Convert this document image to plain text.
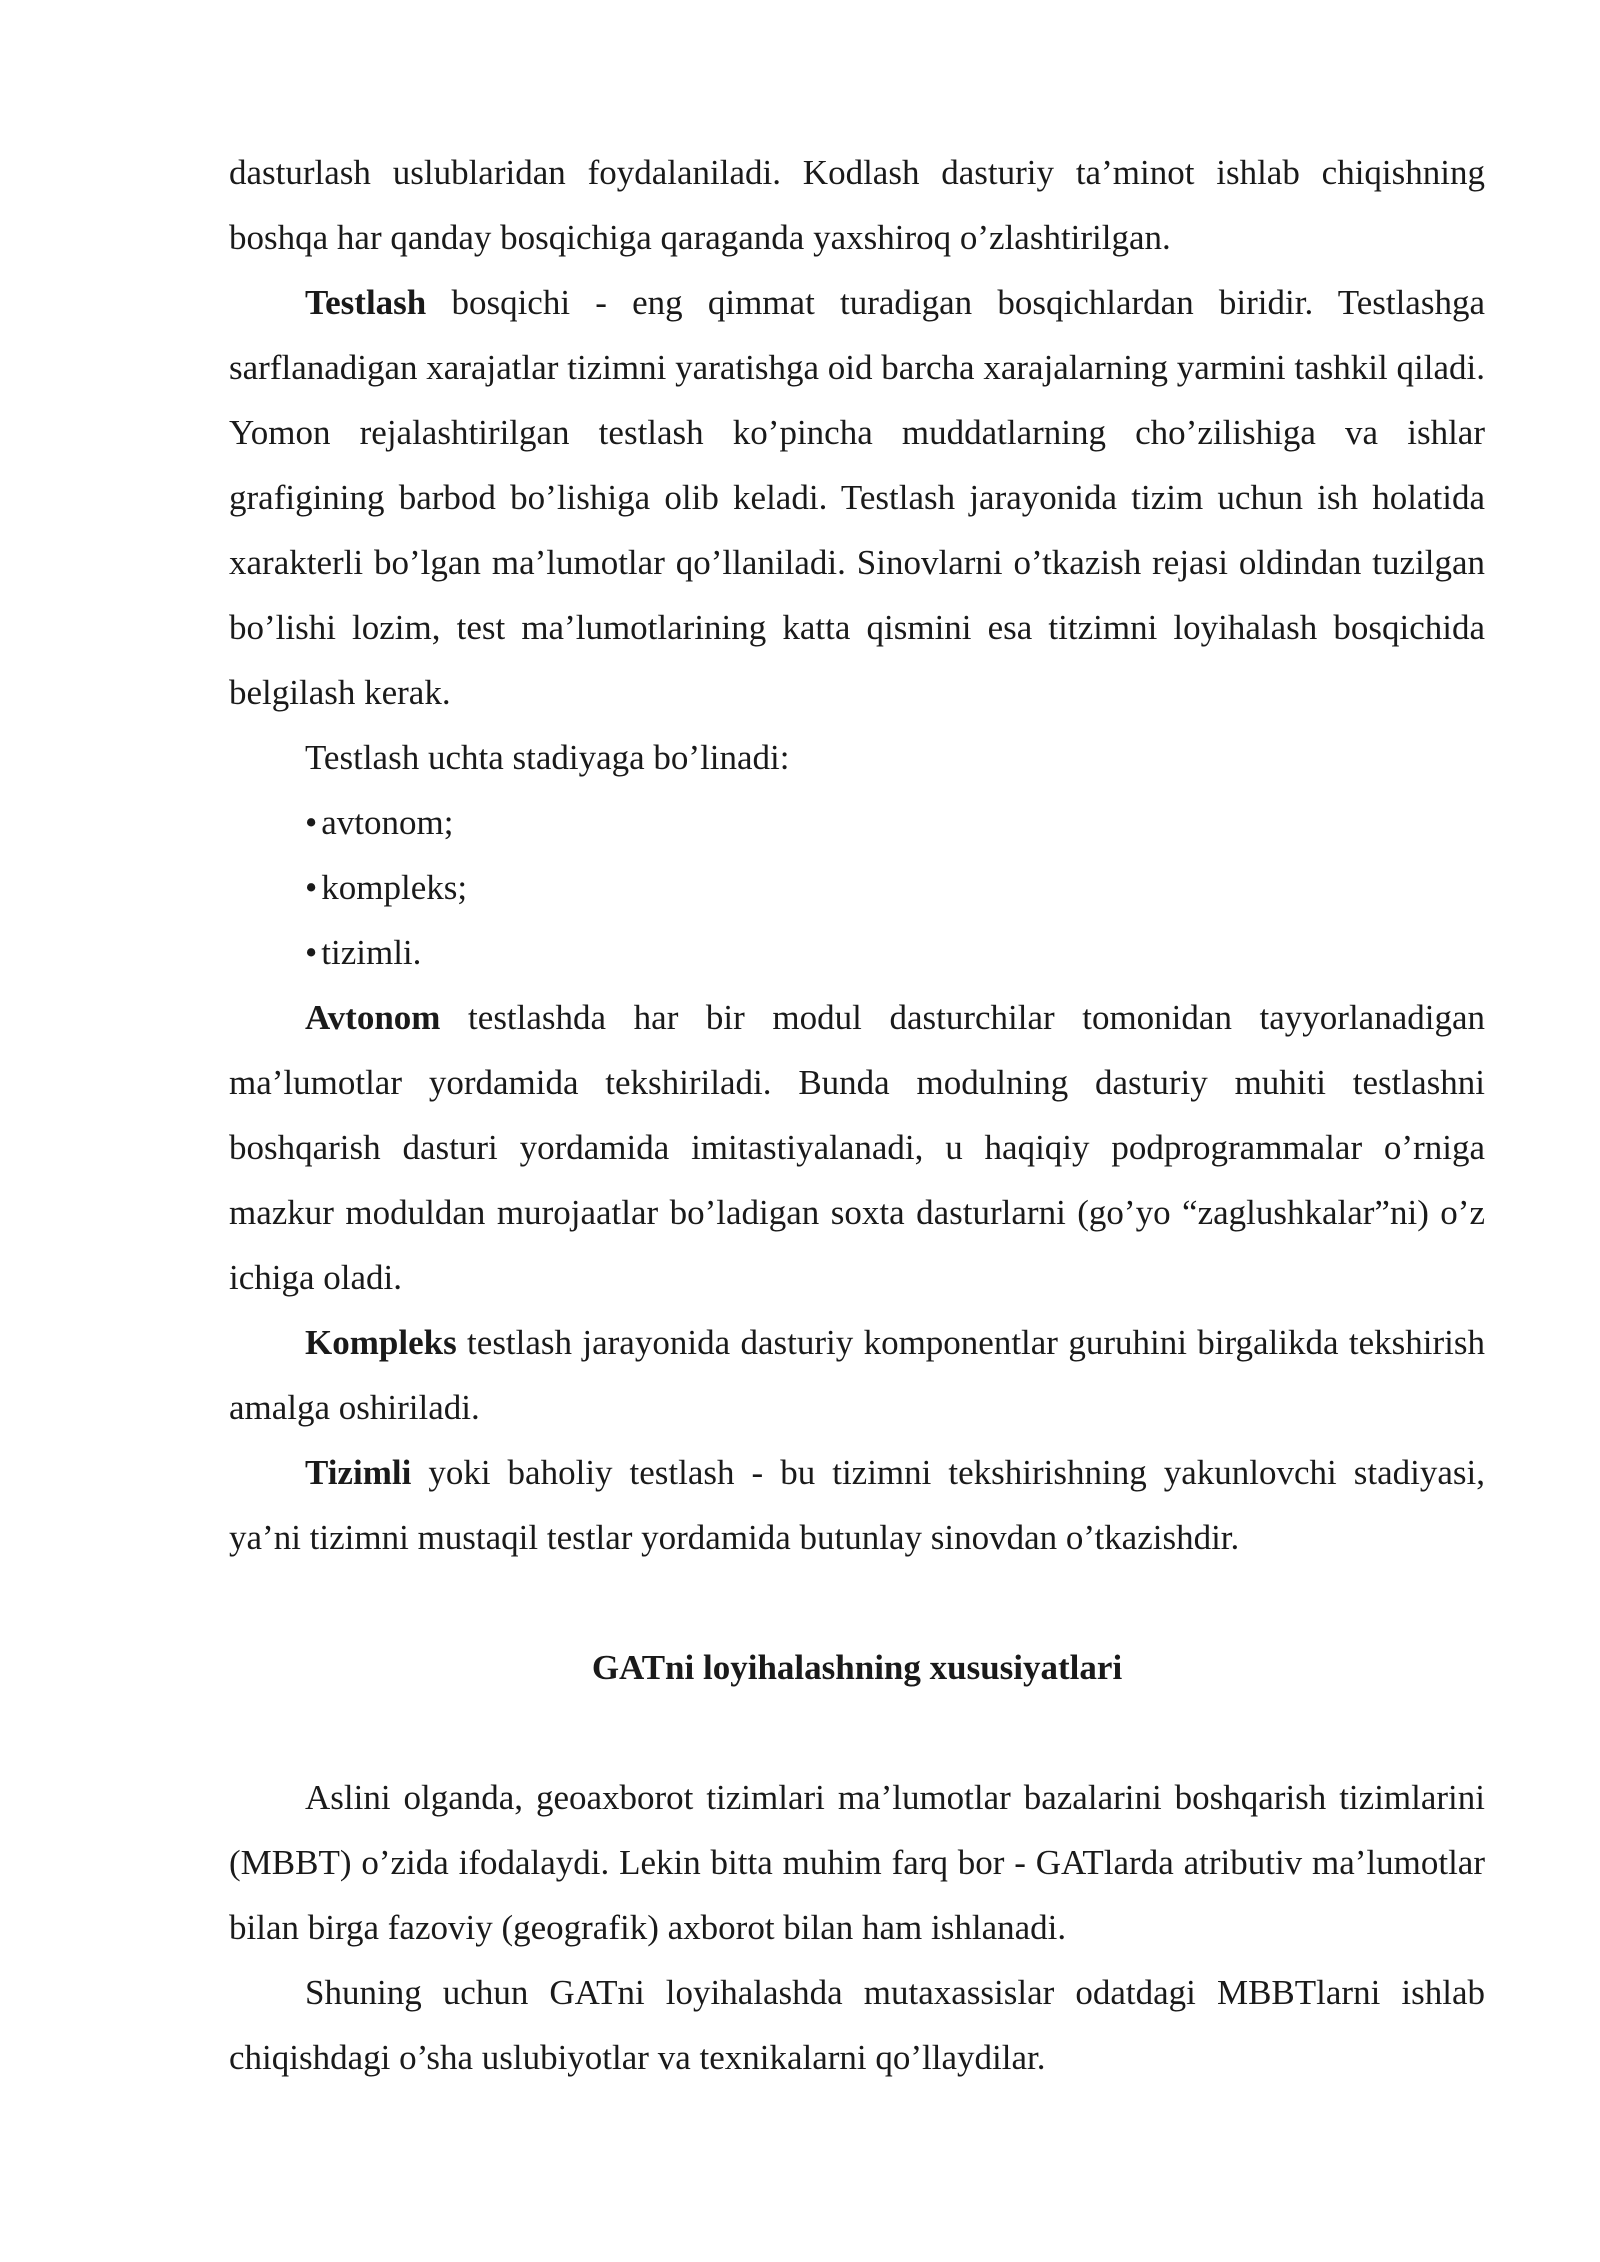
dasturlash uslublaridan foydalaniladi. Kodlash dasturiy ta’minot ishlab chiqishning boshqa har qanday bosqichiga qaraganda yaxshiroq o’zlashtirilgan.

Testlash bosqichi - eng qimmat turadigan bosqichlardan biridir. Testlashga sarflanadigan xarajatlar tizimni yaratishga oid barcha xarajalarning yarmini tashkil qiladi. Yomon rejalashtirilgan testlash ko’pincha muddatlarning cho’zilishiga va ishlar grafigining barbod bo’lishiga olib keladi. Testlash jarayonida tizim uchun ish holatida xarakterli bo’lgan ma’lumotlar qo’llaniladi. Sinovlarni o’tkazish rejasi oldindan tuzilgan bo’lishi lozim, test ma’lumotlarining katta qismini esa titzimni loyihalash bosqichida belgilash kerak.

Testlash uchta stadiyaga bo’linadi:

• avtonom;

• kompleks;

• tizimli.

Avtonom testlashda har bir modul dasturchilar tomonidan tayyorlanadigan ma’lumotlar yordamida tekshiriladi. Bunda modulning dasturiy muhiti testlashni boshqarish dasturi yordamida imitastiyalanadi, u haqiqiy podprogrammalar o’rniga mazkur moduldan murojaatlar bo’ladigan soxta dasturlarni (go’yo “zaglushkalar”ni) o’z ichiga oladi.

Kompleks testlash jarayonida dasturiy komponentlar guruhini birgalikda tekshirish amalga oshiriladi.

Tizimli yoki baholiy testlash - bu tizimni tekshirishning yakunlovchi stadiyasi, ya’ni tizimni mustaqil testlar yordamida butunlay sinovdan o’tkazishdir.

GATni loyihalashning xususiyatlari

Aslini olganda, geoaxborot tizimlari ma’lumotlar bazalarini boshqarish tizimlarini (MBBT) o’zida ifodalaydi. Lekin bitta muhim farq bor - GATlarda atributiv ma’lumotlar bilan birga fazoviy (geografik) axborot bilan ham ishlanadi.

Shuning uchun GATni loyihalashda mutaxassislar odatdagi MBBTlarni ishlab chiqishdagi o’sha uslubiyotlar va texnikalarni qo’llaydilar.
